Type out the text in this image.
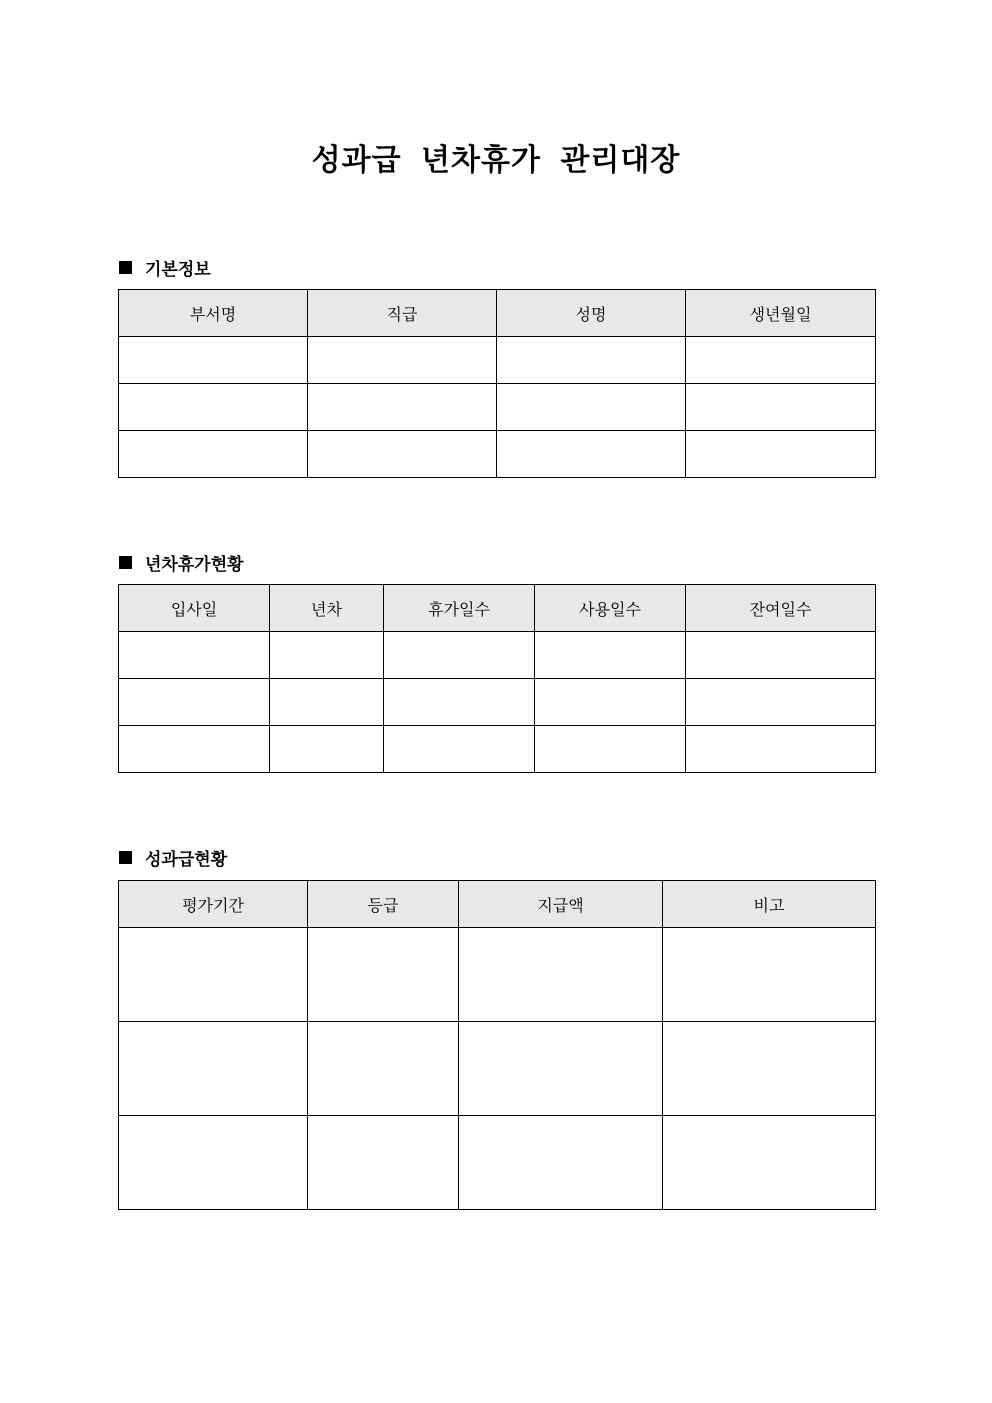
성과급 년차휴가 관리대장
기본정보
부서명	직급	성명	생년월일

년차휴가현황
입사일	년차	휴가일수	사용일수	잔여일수

성과급현황
평가기간	등급	지급액	비고
